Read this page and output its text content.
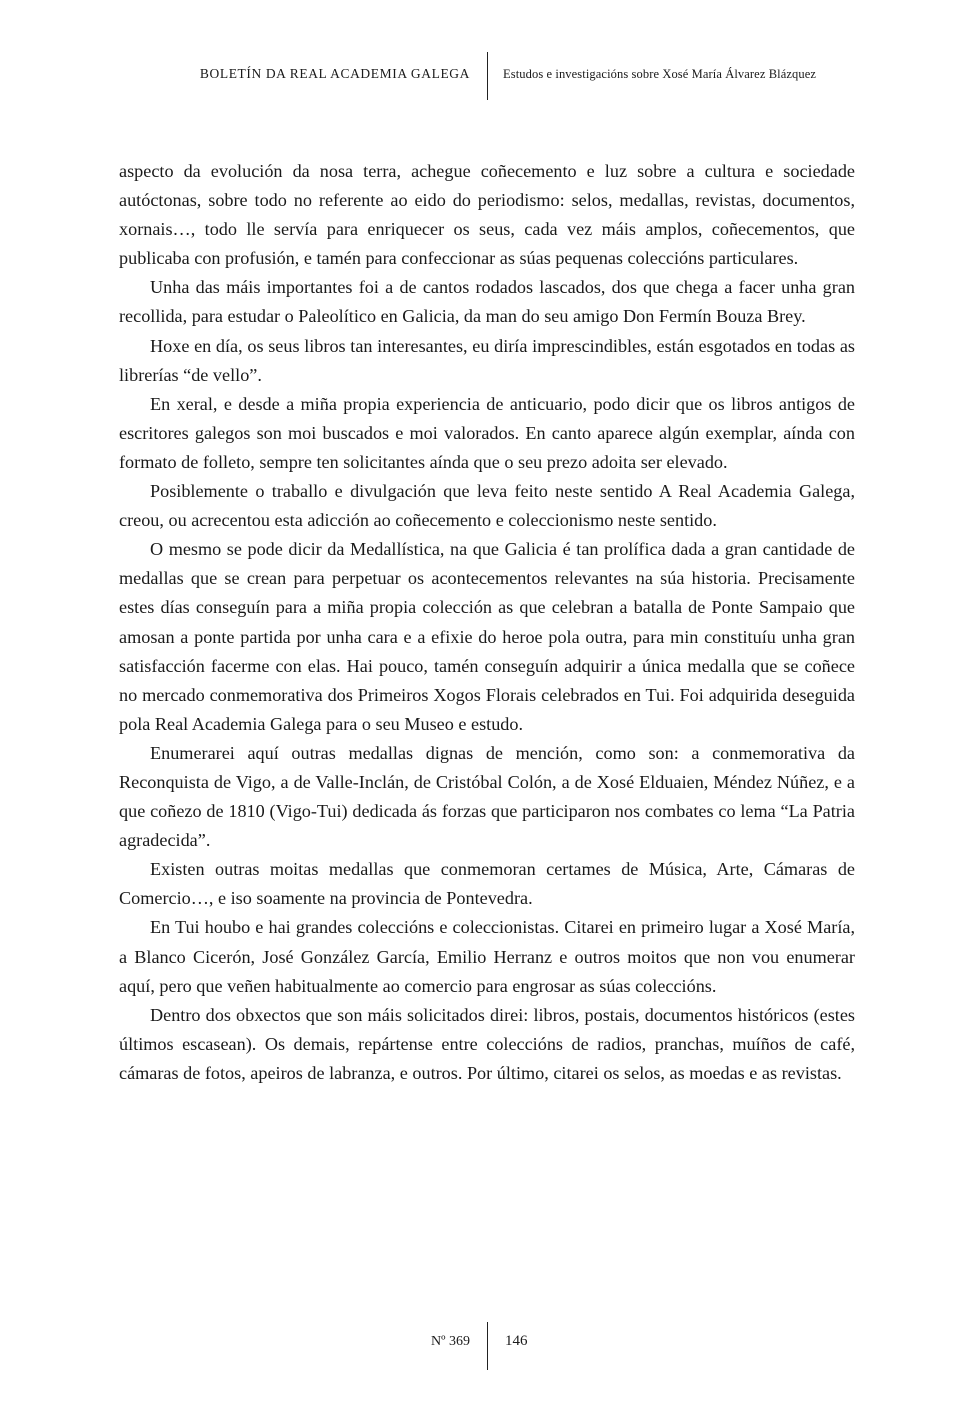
BOLETÍN DA REAL ACADEMIA GALEGA	Estudos e investigacións sobre Xosé María Álvarez Blázquez

aspecto da evolución da nosa terra, achegue coñecemento e luz sobre a cultura e sociedade autóctonas, sobre todo no referente ao eido do periodismo: selos, medallas, revistas, documentos, xornais…, todo lle servía para enriquecer os seus, cada vez máis amplos, coñecementos, que publicaba con profusión, e tamén para confeccionar as súas pequenas coleccións particulares.

Unha das máis importantes foi a de cantos rodados lascados, dos que chega a facer unha gran recollida, para estudar o Paleolítico en Galicia, da man do seu amigo Don Fermín Bouza Brey.

Hoxe en día, os seus libros tan interesantes, eu diría imprescindibles, están esgotados en todas as librerías “de vello”.

En xeral, e desde a miña propia experiencia de anticuario, podo dicir que os libros antigos de escritores galegos son moi buscados e moi valorados. En canto aparece algún exemplar, aínda con formato de folleto, sempre ten solicitantes aínda que o seu prezo adoita ser elevado.

Posiblemente o traballo e divulgación que leva feito neste sentido A Real Academia Galega, creou, ou acrecentou esta adicción ao coñecemento e coleccionismo neste sentido.

O mesmo se pode dicir da Medallística, na que Galicia é tan prolífica dada a gran cantidade de medallas que se crean para perpetuar os acontecementos relevantes na súa historia. Precisamente estes días conseguín para a miña propia colección as que celebran a batalla de Ponte Sampaio que amosan a ponte partida por unha cara e a efixie do heroe pola outra, para min constituíu unha gran satisfacción facerme con elas. Hai pouco, tamén conseguín adquirir a única medalla que se coñece no mercado conmemorativa dos Primeiros Xogos Florais celebrados en Tui. Foi adquirida deseguida pola Real Academia Galega para o seu Museo e estudo.

Enumerarei aquí outras medallas dignas de mención, como son: a conmemorativa da Reconquista de Vigo, a de Valle-Inclán, de Cristóbal Colón, a de Xosé Elduaien, Méndez Núñez, e a que coñezo de 1810 (Vigo-Tui) dedicada ás forzas que participaron nos combates co lema “La Patria agradecida”.

Existen outras moitas medallas que conmemoran certames de Música, Arte, Cámaras de Comercio…, e iso soamente na provincia de Pontevedra.

En Tui houbo e hai grandes coleccións e coleccionistas. Citarei en primeiro lugar a Xosé María, a Blanco Cicerón, José González García, Emilio Herranz e outros moitos que non vou enumerar aquí, pero que veñen habitualmente ao comercio para engrosar as súas coleccións.

Dentro dos obxectos que son máis solicitados direi: libros, postais, documentos históricos (estes últimos escasean). Os demais, repártense entre coleccións de radios, pranchas, muíños de café, cámaras de fotos, apeiros de labranza, e outros. Por último, citarei os selos, as moedas e as revistas.

Nº 369 146
